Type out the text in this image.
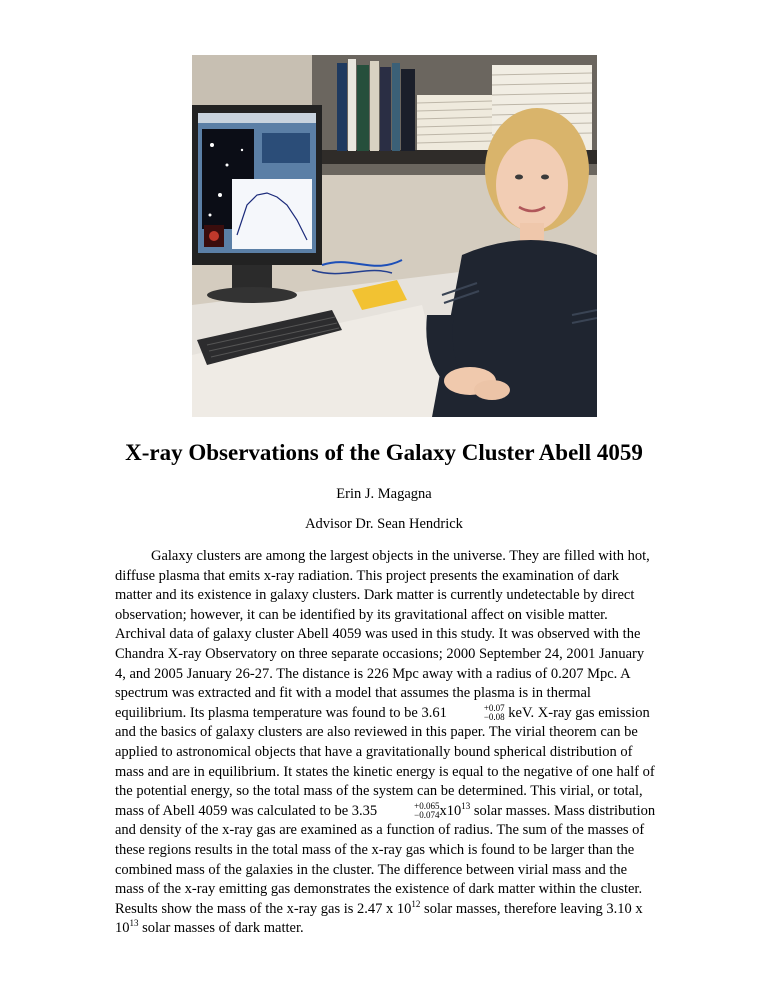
X-ray Observations of the Galaxy Cluster Abell 4059

Erin J. Magagna

Advisor Dr. Sean Hendrick

Galaxy clusters are among the largest objects in the universe. They are filled with hot, diffuse plasma that emits x-ray radiation. This project presents the examination of dark matter and its existence in galaxy clusters. Dark matter is currently undetectable by direct observation; however, it can be identified by its gravitational affect on visible matter. Archival data of galaxy cluster Abell 4059 was used in this study. It was observed with the Chandra X-ray Observatory on three separate occasions; 2000 September 24, 2001 January 4, and 2005 January 26-27. The distance is 226 Mpc away with a radius of 0.207 Mpc. A spectrum was extracted and fit with a model that assumes the plasma is in thermal equilibrium. Its plasma temperature was found to be 3.61	+0.07
−0.08 keV. X-ray gas emission and the basics of galaxy clusters are also reviewed in this paper. The virial theorem can be applied to astronomical objects that have a gravitationally bound spherical distribution of mass and are in equilibrium. It states the kinetic energy is equal to the negative of one half of the potential energy, so the total mass of the system can be determined. This virial, or total, mass of Abell 4059 was calculated to be 3.35	+0.065
−0.074 $x10^{13}$ solar masses. Mass distribution and density of the x-ray gas are examined as a function of radius. The sum of the masses of these regions results in the total mass of the x-ray gas which is found to be larger than the combined mass of the galaxies in the cluster. The difference between virial mass and the mass of the x-ray emitting gas demonstrates the existence of dark matter within the cluster. Results show the mass of the x-ray gas is 2.47 x $10^{12}$ solar masses, therefore leaving 3.10 x $10^{13}$ solar masses of dark matter.
